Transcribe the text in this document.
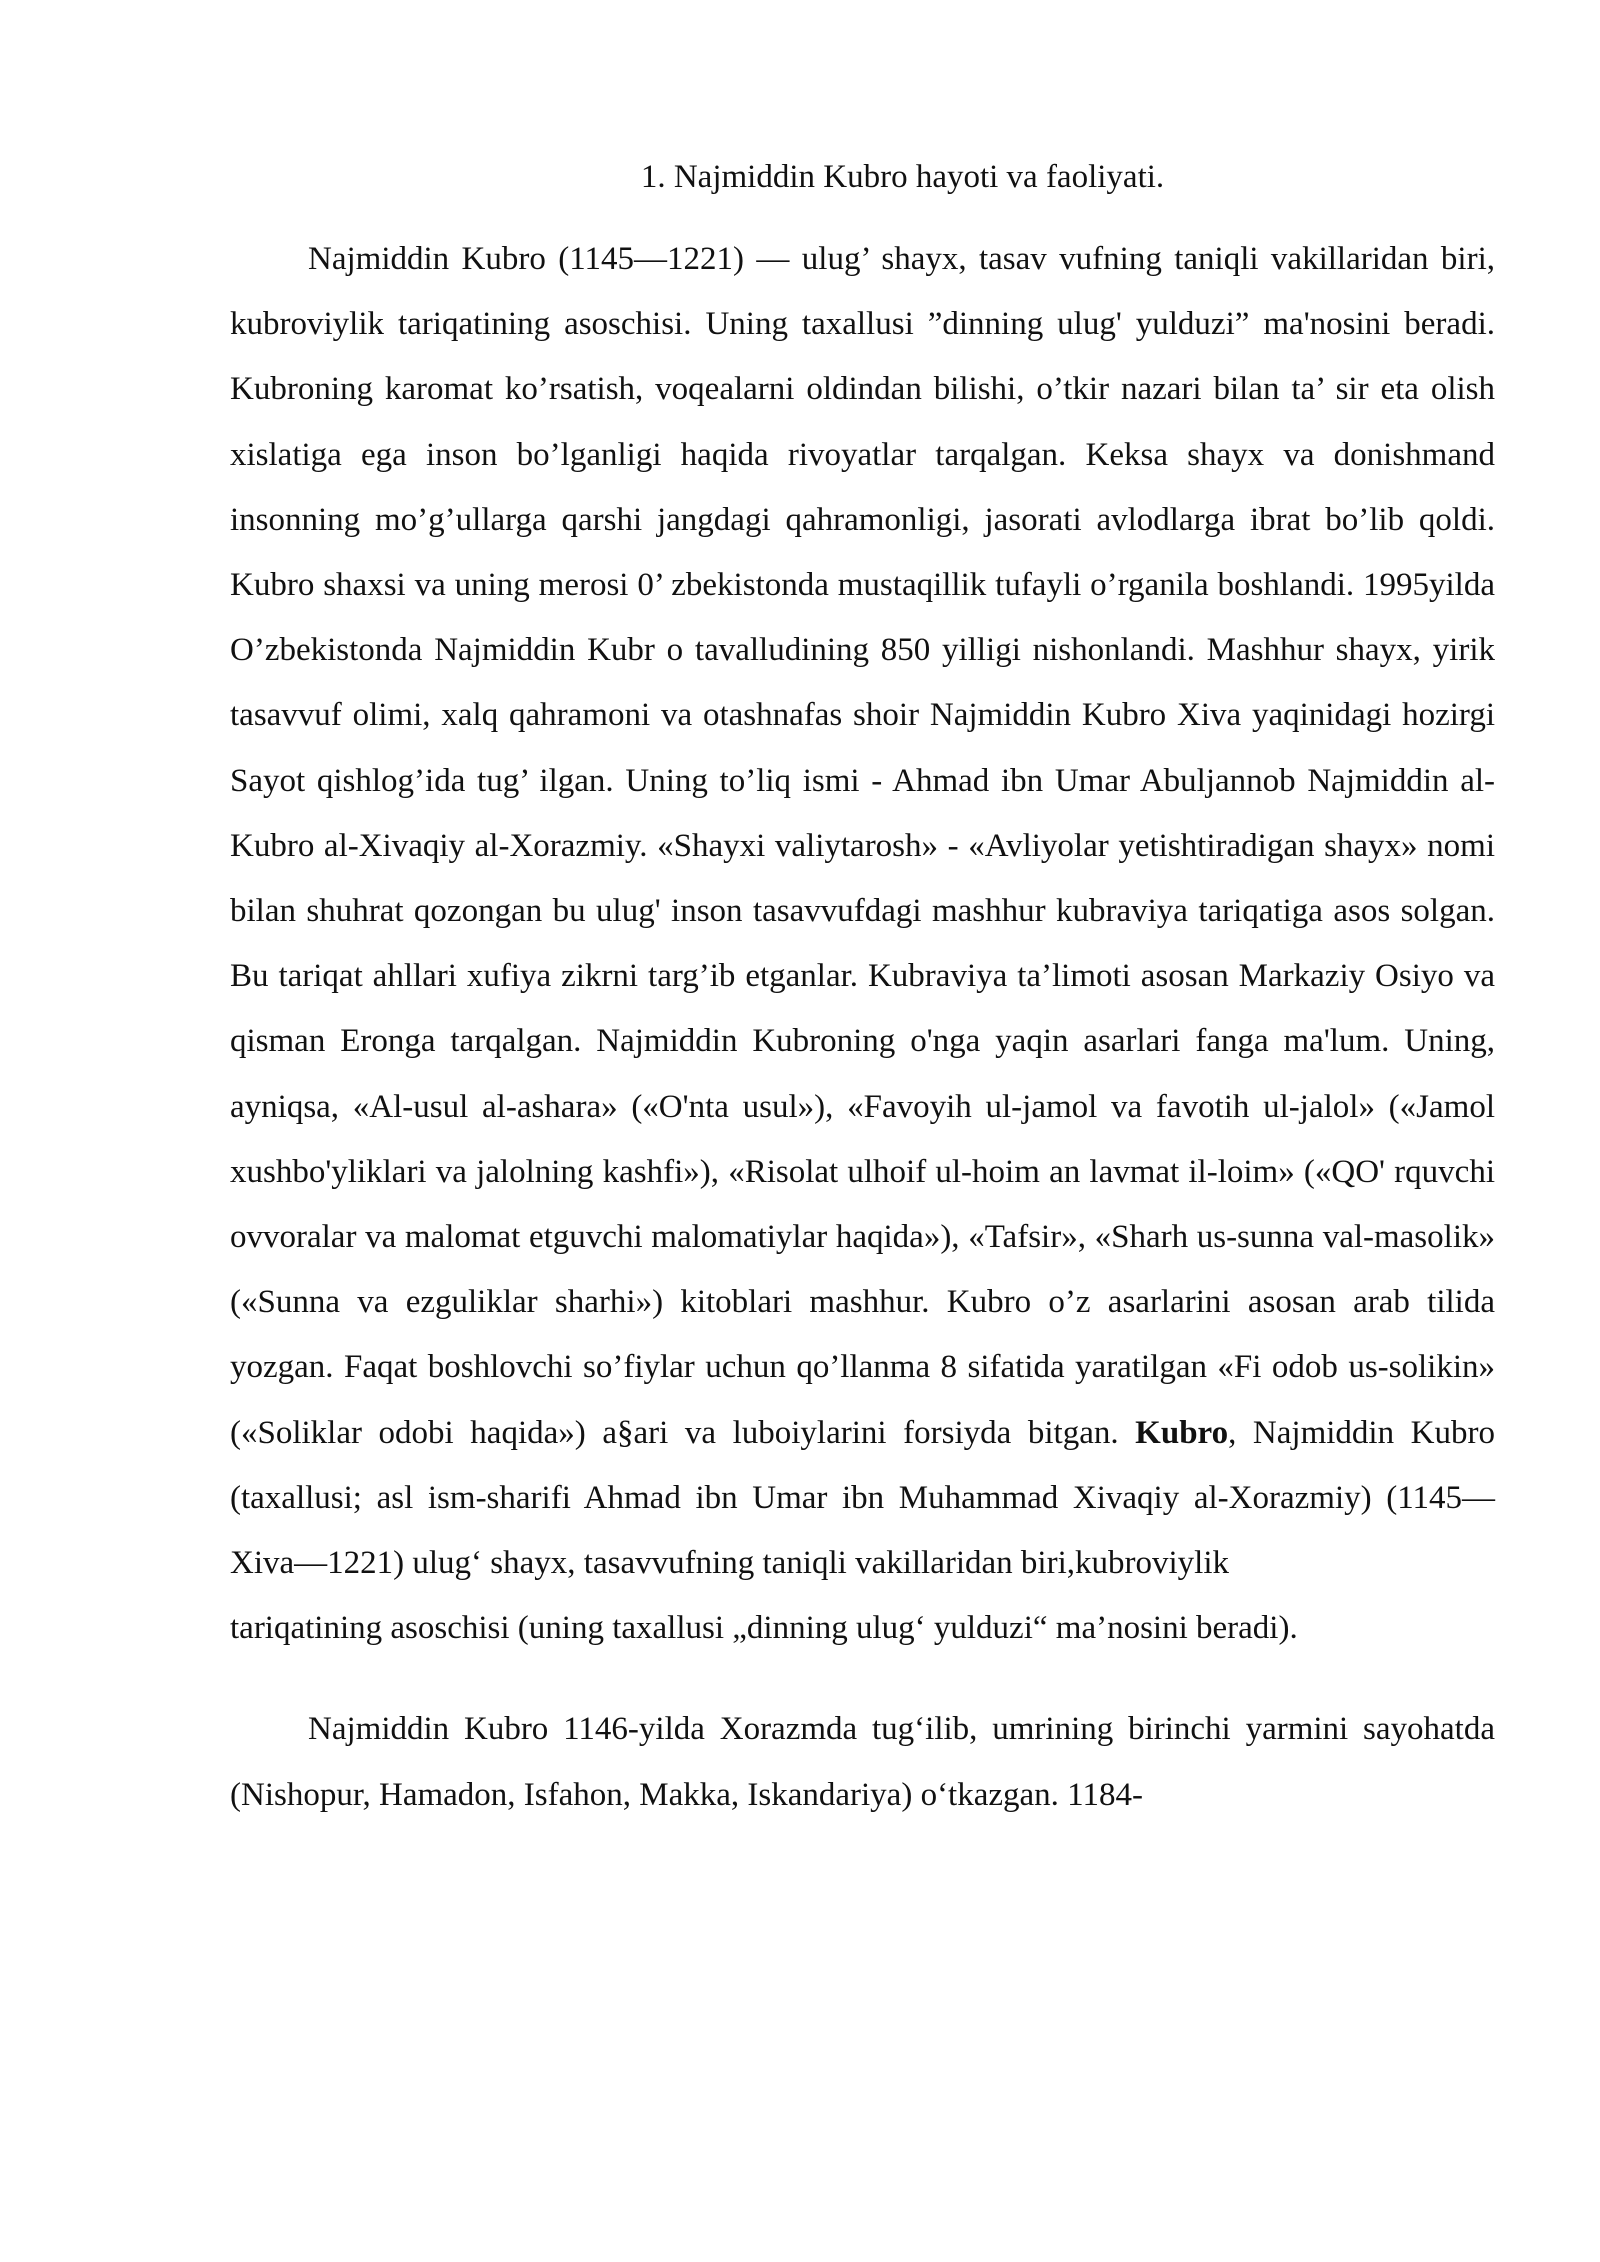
1. Najmiddin Kubro hayoti va faoliyati.

Najmiddin Kubro (1145—1221) — ulug’ shayx, tasav vufning taniqli vakillaridan biri, kubroviylik tariqatining asoschisi. Uning taxallusi ”dinning ulug' yulduzi” ma'nosini beradi. Kubroning karomat ko’rsatish, voqealarni oldindan bilishi, o’tkir nazari bilan ta’ sir eta olish xislatiga ega inson bo’lganligi haqida rivoyatlar tarqalgan. Keksa shayx va donishmand insonning mo’g’ullarga qarshi jangdagi qahramonligi, jasorati avlodlarga ibrat bo’lib qoldi. Kubro shaxsi va uning merosi 0’ zbekistonda mustaqillik tufayli o’rganila boshlandi. 1995yilda O’zbekistonda Najmiddin Kubr o tavalludining 850 yilligi nishonlandi. Mashhur shayx, yirik tasavvuf olimi, xalq qahramoni va otashnafas shoir Najmiddin Kubro Xiva yaqinidagi hozirgi Sayot qishlog’ida tug’ ilgan. Uning to’liq ismi - Ahmad ibn Umar Abuljannob Najmiddin al-Kubro al-Xivaqiy al-Xorazmiy. «Shayxi valiytarosh» - «Avliyolar yetishtiradigan shayx» nomi bilan shuhrat qozongan bu ulug' inson tasavvufdagi mashhur kubraviya tariqatiga asos solgan. Bu tariqat ahllari xufiya zikrni targ’ib etganlar. Kubraviya ta’limoti asosan Markaziy Osiyo va qisman Eronga tarqalgan. Najmiddin Kubroning o'nga yaqin asarlari fanga ma'lum. Uning, ayniqsa, «Al-usul al-ashara» («O'nta usul»), «Favoyih ul-jamol va favotih ul-jalol» («Jamol xushbo'yliklari va jalolning kashfi»), «Risolat ulhoif ul-hoim an lavmat il-loim» («QO' rquvchi ovvoralar va malomat etguvchi malomatiylar haqida»), «Tafsir», «Sharh us-sunna val-masolik» («Sunna va ezguliklar sharhi») kitoblari mashhur. Kubro o’z asarlarini asosan arab tilida yozgan. Faqat boshlovchi so’fiylar uchun qo’llanma 8 sifatida yaratilgan «Fi odob us-solikin» («Soliklar odobi haqida») a§ari va luboiylarini forsiyda bitgan. Kubro, Najmiddin Kubro (taxallusi; asl ism-sharifi Ahmad ibn Umar ibn Muhammad Xivaqiy al-Xorazmiy) (1145—Xiva—1221) ulug‘ shayx, tasavvufning taniqli vakillaridan biri,kubroviylik
tariqatining asoschisi (uning taxallusi „dinning ulug‘ yulduzi“ ma’nosini beradi).

Najmiddin Kubro 1146-yilda Xorazmda tug‘ilib, umrining birinchi yarmini sayohatda (Nishopur, Hamadon, Isfahon, Makka, Iskandariya) o‘tkazgan. 1184-
